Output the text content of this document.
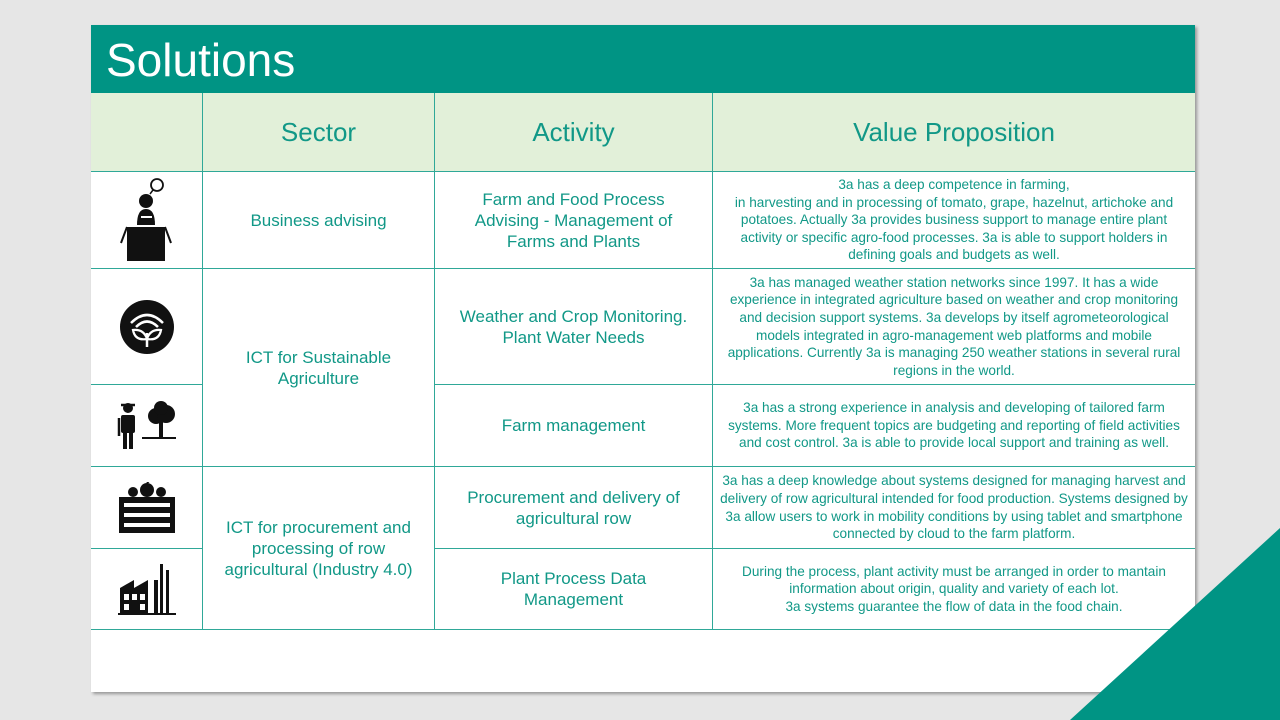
Solutions
Sector	Activity	Value Proposition
Business advising
ICT for Sustainable Agriculture
ICT for procurement and processing of row agricultural (Industry 4.0)
Farm and Food Process Advising - Management of Farms and Plants
Weather and Crop Monitoring. Plant Water Needs
Farm management
Procurement and delivery of agricultural row
Plant Process Data Management
3a has a deep competence in farming,
in harvesting and in processing of tomato, grape, hazelnut, artichoke and potatoes. Actually 3a provides business support to manage entire plant activity or specific agro-food processes. 3a is able to support holders in defining goals and budgets as well.
3a has managed weather station networks since 1997. It has a wide experience in integrated agriculture based on weather and crop monitoring and decision support systems. 3a develops by itself agrometeorological models integrated in agro-management web platforms and mobile applications. Currently 3a is managing 250 weather stations in several rural regions in the world.
3a has a strong experience in analysis and developing of tailored farm systems. More frequent topics are budgeting and reporting of field activities and cost control. 3a is able to provide local support and training as well.
3a has a deep knowledge about systems designed for managing harvest and delivery of row agricultural intended for food production. Systems designed by 3a allow users to work in mobility conditions by using tablet and smartphone connected by cloud to the farm platform.
During the process, plant activity must be arranged in order to mantain information about origin, quality and variety of each lot.
3a systems guarantee the flow of data in the food chain.
